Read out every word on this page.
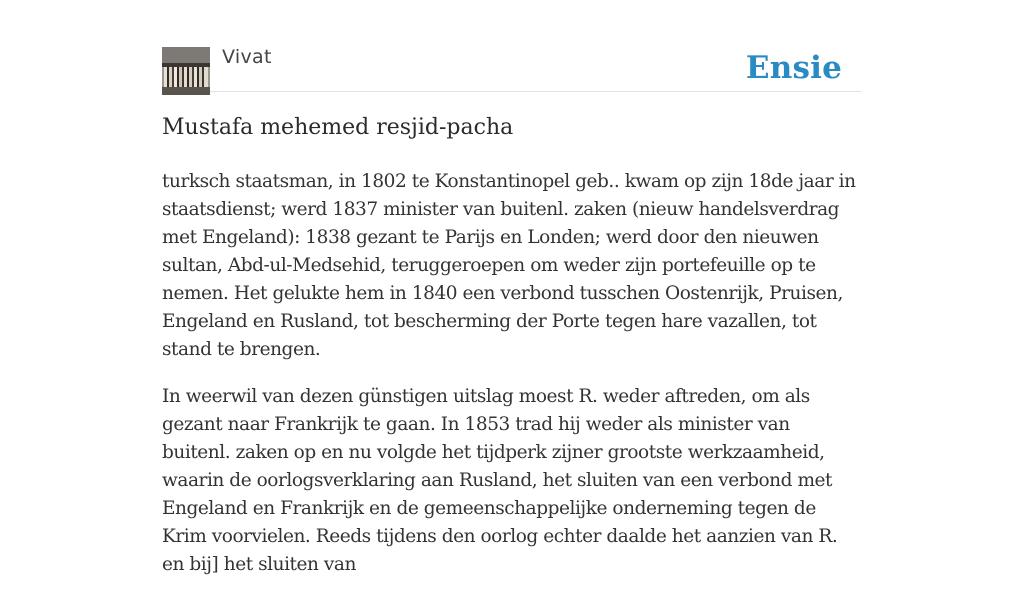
Vivat	Ensie
Mustafa mehemed resjid-pacha

turksch staatsman, in 1802 te Konstantinopel geb.. kwam op zijn 18de jaar in staatsdienst; werd 1837 minister van buitenl. zaken (nieuw handelsverdrag met Engeland): 1838 gezant te Parijs en Londen; werd door den nieuwen sultan, Abd-ul-Medsehid, teruggeroepen om weder zijn portefeuille op te nemen. Het gelukte hem in 1840 een verbond tusschen Oostenrijk, Pruisen, Engeland en Rusland, tot bescherming der Porte tegen hare vazallen, tot stand te brengen.

In weerwil van dezen günstigen uitslag moest R. weder aftreden, om als gezant naar Frankrijk te gaan. In 1853 trad hij weder als minister van buitenl. zaken op en nu volgde het tijdperk zijner grootste werkzaamheid, waarin de oorlogsverklaring aan Rusland, het sluiten van een verbond met Engeland en Frankrijk en de gemeenschappelijke onderneming tegen de Krim voorvielen. Reeds tijdens den oorlog echter daalde het aanzien van R. en bij] het sluiten van
